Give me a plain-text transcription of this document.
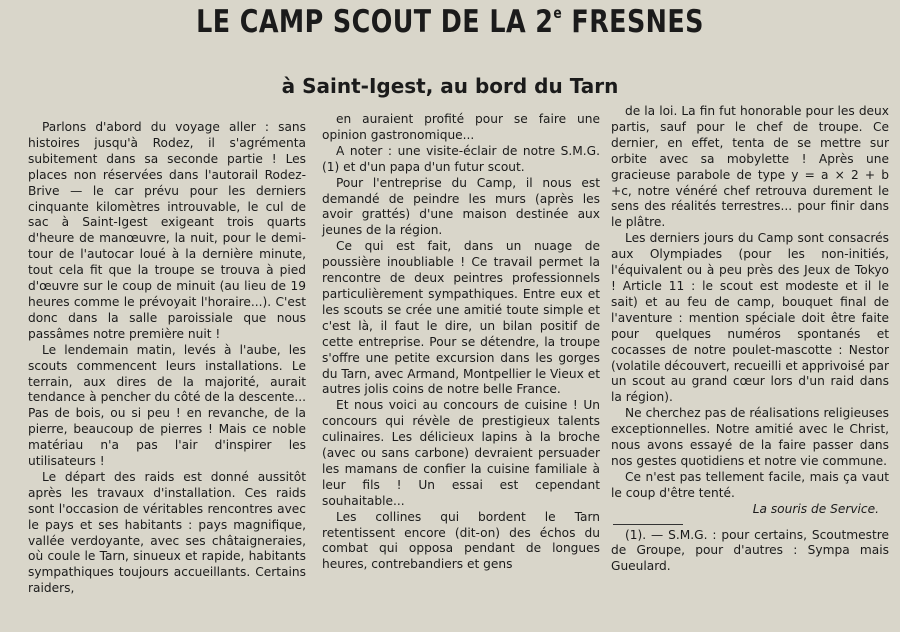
LE CAMP SCOUT DE LA 2e FRESNES
à Saint-Igest, au bord du Tarn

Parlons d'abord du voyage aller : sans histoires jusqu'à Rodez, il s'agrémenta subitement dans sa seconde partie ! Les places non réservées dans l'autorail Rodez-Brive — le car prévu pour les derniers cinquante kilomètres introuvable, le cul de sac à Saint-Igest exigeant trois quarts d'heure de manœuvre, la nuit, pour le demi-tour de l'autocar loué à la dernière minute, tout cela fit que la troupe se trouva à pied d'œuvre sur le coup de minuit (au lieu de 19 heures comme le prévoyait l'horaire...). C'est donc dans la salle paroissiale que nous passâmes notre première nuit !

Le lendemain matin, levés à l'aube, les scouts commencent leurs installations. Le terrain, aux dires de la majorité, aurait tendance à pencher du côté de la descente... Pas de bois, ou si peu ! en revanche, de la pierre, beaucoup de pierres ! Mais ce noble matériau n'a pas l'air d'inspirer les utilisateurs !

Le départ des raids est donné aussitôt après les travaux d'installation. Ces raids sont l'occasion de véritables rencontres avec le pays et ses habitants : pays magnifique, vallée verdoyante, avec ses châtaigneraies, où coule le Tarn, sinueux et rapide, habitants sympathiques toujours accueillants. Certains raiders,

en auraient profité pour se faire une opinion gastronomique...

A noter : une visite-éclair de notre S.M.G. (1) et d'un papa d'un futur scout.

Pour l'entreprise du Camp, il nous est demandé de peindre les murs (après les avoir grattés) d'une maison destinée aux jeunes de la région.

Ce qui est fait, dans un nuage de poussière inoubliable ! Ce travail permet la rencontre de deux peintres professionnels particulièrement sympathiques. Entre eux et les scouts se crée une amitié toute simple et c'est là, il faut le dire, un bilan positif de cette entreprise. Pour se détendre, la troupe s'offre une petite excursion dans les gorges du Tarn, avec Armand, Montpellier le Vieux et autres jolis coins de notre belle France.

Et nous voici au concours de cuisine ! Un concours qui révèle de prestigieux talents culinaires. Les délicieux lapins à la broche (avec ou sans carbone) devraient persuader les mamans de confier la cuisine familiale à leur fils ! Un essai est cependant souhaitable...

Les collines qui bordent le Tarn retentissent encore (dit-on) des échos du combat qui opposa pendant de longues heures, contrebandiers et gens

de la loi. La fin fut honorable pour les deux partis, sauf pour le chef de troupe. Ce dernier, en effet, tenta de se mettre sur orbite avec sa mobylette ! Après une gracieuse parabole de type y = a × 2 + b +c, notre vénéré chef retrouva durement le sens des réalités terrestres... pour finir dans le plâtre.

Les derniers jours du Camp sont consacrés aux Olympiades (pour les non-initiés, l'équivalent ou à peu près des Jeux de Tokyo ! Article 11 : le scout est modeste et il le sait) et au feu de camp, bouquet final de l'aventure : mention spéciale doit être faite pour quelques numéros spontanés et cocasses de notre poulet-mascotte : Nestor (volatile découvert, recueilli et apprivoisé par un scout au grand cœur lors d'un raid dans la région).

Ne cherchez pas de réalisations religieuses exceptionnelles. Notre amitié avec le Christ, nous avons essayé de la faire passer dans nos gestes quotidiens et notre vie commune.

Ce n'est pas tellement facile, mais ça vaut le coup d'être tenté.

La souris de Service.

(1). — S.M.G. : pour certains, Scoutmestre de Groupe, pour d'autres : Sympa mais Gueulard.
